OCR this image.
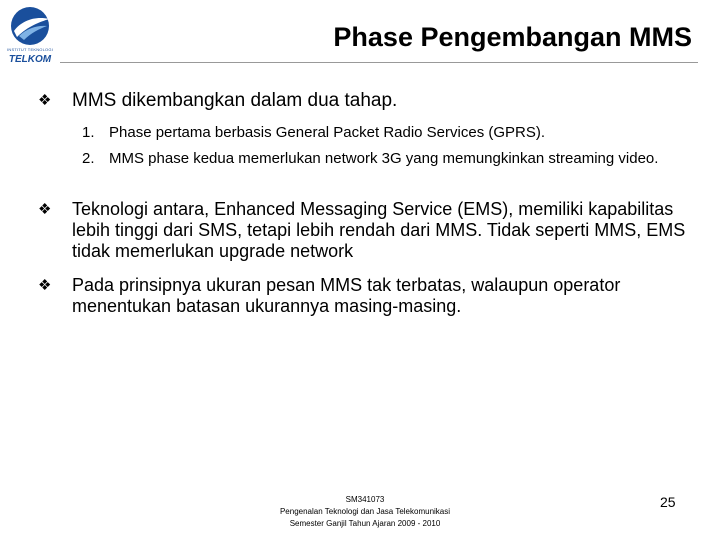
INSTITUT TEKNOLOGI
TELKOM
Phase Pengembangan MMS
❖ MMS dikembangkan dalam dua tahap.
1. Phase pertama berbasis General Packet Radio Services (GPRS).
2. MMS phase kedua memerlukan network 3G yang memungkinkan streaming video.
❖ Teknologi antara, Enhanced Messaging Service (EMS), memiliki kapabilitas lebih tinggi dari SMS, tetapi lebih rendah dari MMS. Tidak seperti MMS, EMS tidak memerlukan upgrade network
❖ Pada prinsipnya ukuran pesan MMS tak terbatas, walaupun operator menentukan batasan ukurannya masing-masing.
SM341073
Pengenalan Teknologi dan Jasa Telekomunikasi
Semester Ganjil Tahun Ajaran 2009 - 2010
25
